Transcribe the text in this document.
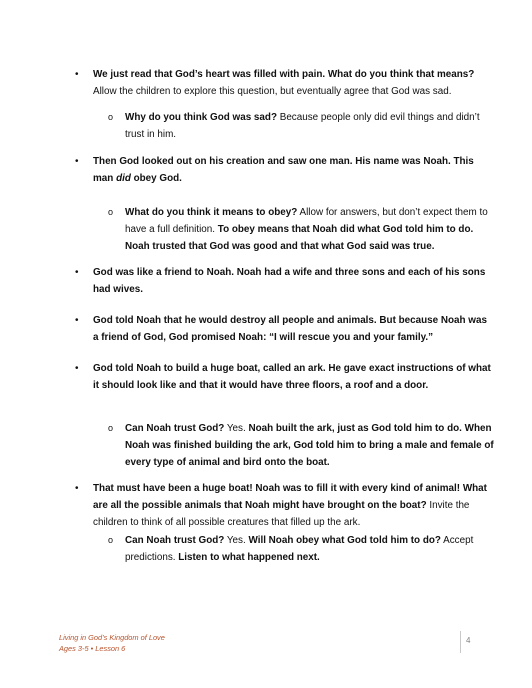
• We just read that God’s heart was filled with pain. What do you think that means? Allow the children to explore this question, but eventually agree that God was sad.
o Why do you think God was sad? Because people only did evil things and didn’t trust in him.
• Then God looked out on his creation and saw one man. His name was Noah. This man did obey God.
o What do you think it means to obey? Allow for answers, but don’t expect them to have a full definition. To obey means that Noah did what God told him to do. Noah trusted that God was good and that what God said was true.
• God was like a friend to Noah. Noah had a wife and three sons and each of his sons had wives.
• God told Noah that he would destroy all people and animals. But because Noah was a friend of God, God promised Noah: “I will rescue you and your family.”
• God told Noah to build a huge boat, called an ark. He gave exact instructions of what it should look like and that it would have three floors, a roof and a door.
o Can Noah trust God? Yes. Noah built the ark, just as God told him to do. When Noah was finished building the ark, God told him to bring a male and female of every type of animal and bird onto the boat.
• That must have been a huge boat! Noah was to fill it with every kind of animal! What are all the possible animals that Noah might have brought on the boat? Invite the children to think of all possible creatures that filled up the ark.
o Can Noah trust God? Yes. Will Noah obey what God told him to do? Accept predictions. Listen to what happened next.
Living in God’s Kingdom of Love
Ages 3-5 • Lesson 6
4
